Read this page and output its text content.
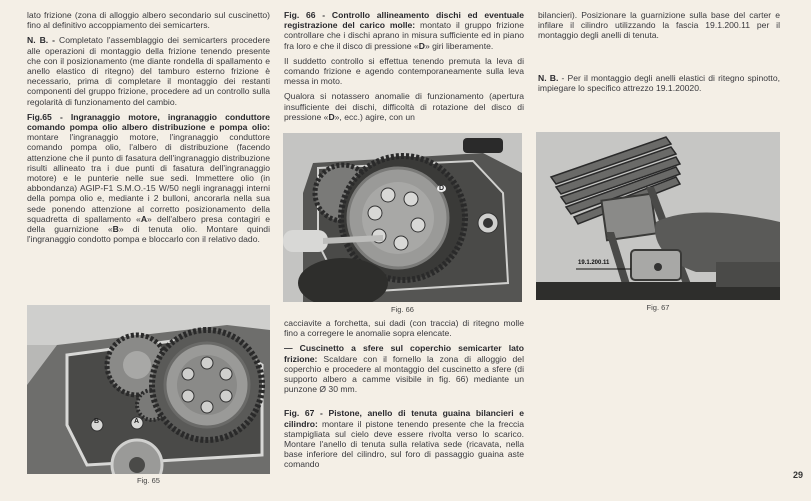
lato frizione (zona di alloggio albero secondario sul cuscinetto) fino al definitivo accoppiamento dei semicarters.

N. B. - Completato l'assemblaggio dei semicarters procedere alle operazioni di montaggio della frizione tenendo presente che con il posizionamento (me diante rondella di spallamento e anello elastico di ritegno) del tamburo esterno frizione è necessario, prima di completare il montaggio dei restanti componenti del gruppo frizione, procedere ad un controllo sulla regolarità di funzionamento del cambio.

Fig.65 - Ingranaggio motore, ingranaggio conduttore comando pompa olio albero distribuzione e pompa olio: montare l'ingranaggio motore, l'ingranaggio conduttore comando pompa olio, l'albero di distribuzione (facendo attenzione che il punto di fasatura dell'ingranaggio distribuzione risulti allineato tra i due punti di fasatura dell'ingranaggio motore) e le punterie nelle sue sedi. Immettere olio (in abbondanza) AGIP-F1 S.M.O.-15 W/50 negli ingranaggi interni della pompa olio e, mediante i 2 bulloni, ancorarla nella sua sede ponendo attenzione al corretto posizionamento della squadretta di spallamento «A» dell'albero presa contagiri e della guarnizione «B» di tenuta olio. Montare quindi l'ingranaggio condotto pompa e bloccarlo con il relativo dado.

B	A
Fig. 65

Fig. 66 - Controllo allineamento dischi ed eventuale registrazione del carico molle: montato il gruppo frizione controllare che i dischi aprano in misura sufficiente ed in piano fra loro e che il disco di pressione «D» giri liberamente.

Il suddetto controllo si effettua tenendo premuta la leva di comando frizione e agendo contemporaneamente sulla leva messa in moto.

Qualora si notassero anomalie di funzionamento (apertura insufficiente dei dischi, difficoltà di rotazione del disco di pressione «D», ecc.) agire, con un

D
Fig. 66

cacciavite a forchetta, sui dadi (con traccia) di ritegno molle fino a corregere le anomalie sopra elencate.

— Cuscinetto a sfere sul coperchio semicarter lato frizione: Scaldare con il fornello la zona di alloggio del coperchio e procedere al montaggio del cuscinetto a sfere (di supporto albero a camme visibile in fig. 66) mediante un punzone Ø 30 mm.

Fig. 67 - Pistone, anello di tenuta guaina bilancieri e cilindro: montare il pistone tenendo presente che la freccia stampigliata sul cielo deve essere rivolta verso lo scarico. Montare l'anello di tenuta sulla relativa sede (ricavata, nella base inferiore del cilindro, sul foro di passaggio guaina aste comando

bilancieri). Posizionare la guarnizione sulla base del carter e infilare il cilindro utilizzando la fascia 19.1.200.11 per il montaggio degli anelli di tenuta.

N. B. - Per il montaggio degli anelli elastici di ritegno spinotto, impiegare lo specifico attrezzo 19.1.20020.

19.1.200.11
Fig. 67
29
